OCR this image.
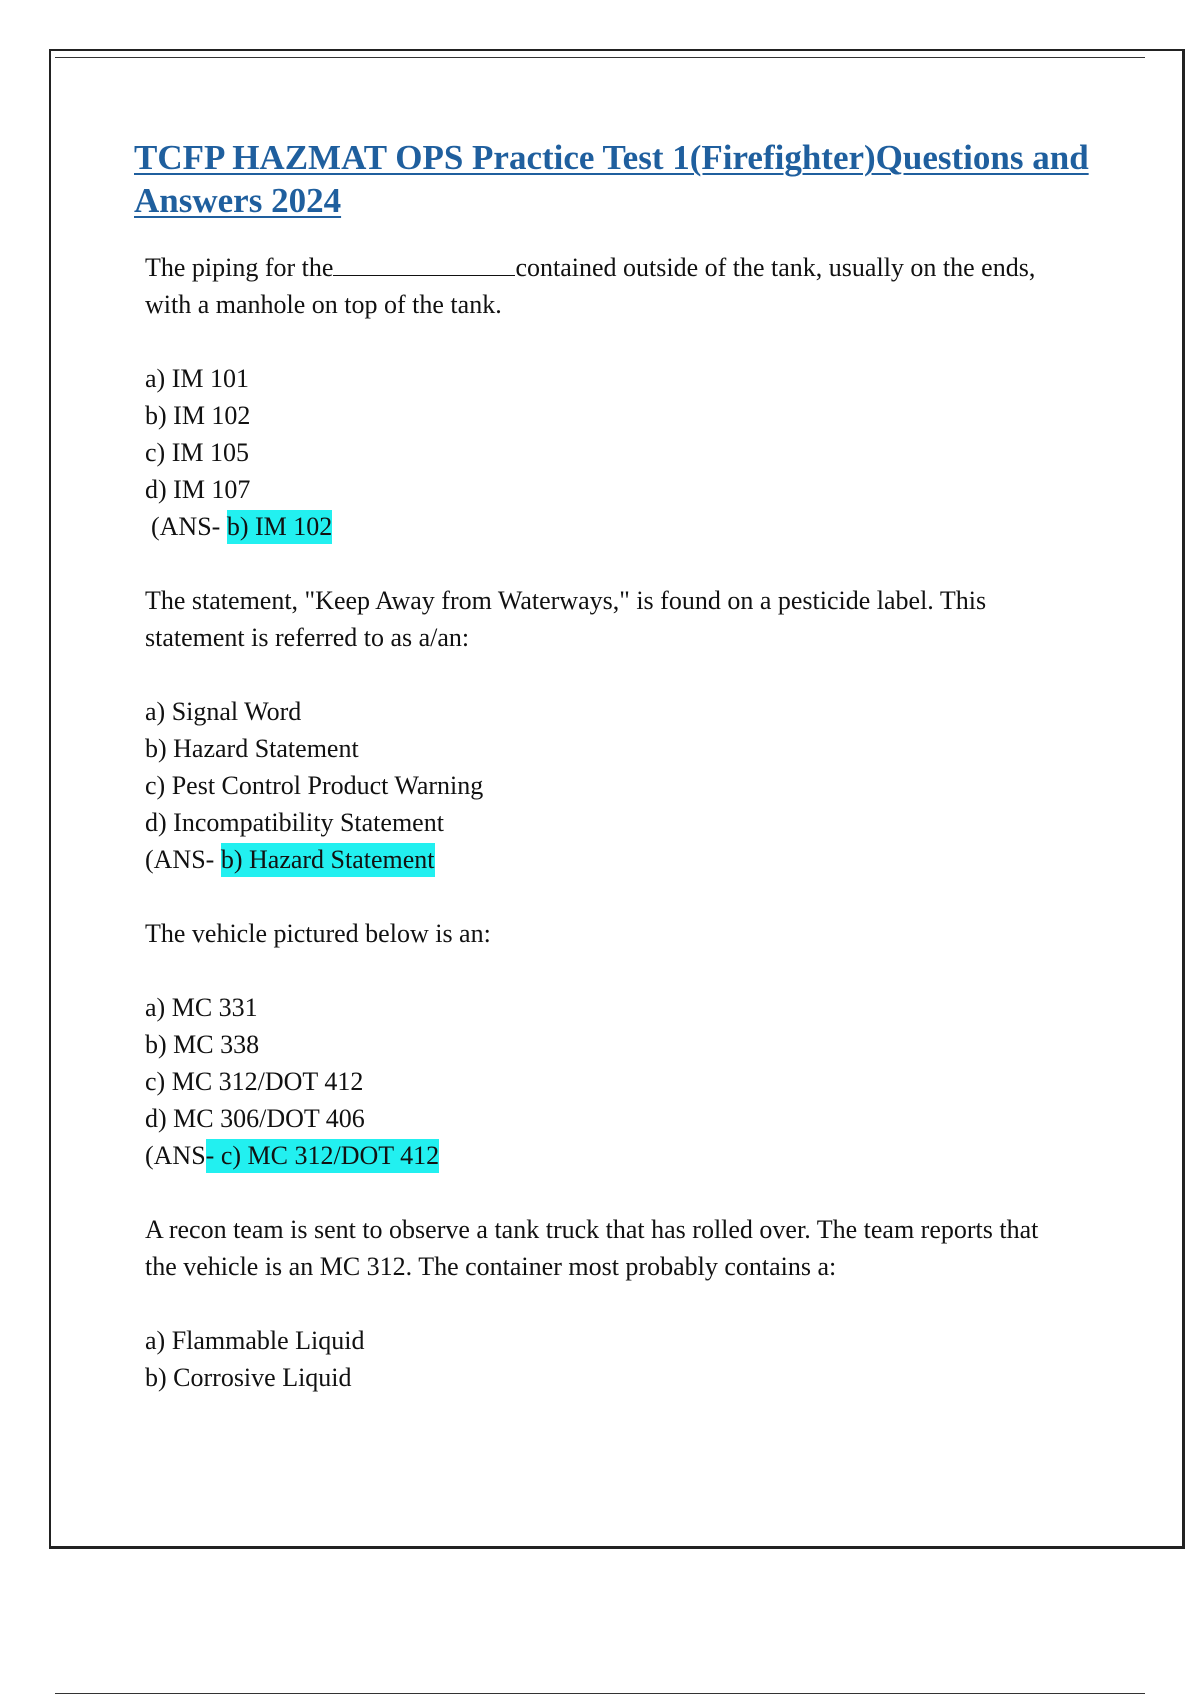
TCFP HAZMAT OPS Practice Test 1(Firefighter)Questions and Answers 2024

The piping for the	contained outside of the tank, usually on the ends, with a manhole on top of the tank.

a) IM 101
b) IM 102
c) IM 105
d) IM 107

(ANS- b) IM 102

The statement, "Keep Away from Waterways," is found on a pesticide label. This statement is referred to as a/an:

a) Signal Word
b) Hazard Statement
c) Pest Control Product Warning
d) Incompatibility Statement

(ANS- b) Hazard Statement

The vehicle pictured below is an:

a) MC 331
b) MC 338
c) MC 312/DOT 412
d) MC 306/DOT 406

(ANS- c) MC 312/DOT 412

A recon team is sent to observe a tank truck that has rolled over. The team reports that the vehicle is an MC 312. The container most probably contains a:

a) Flammable Liquid
b) Corrosive Liquid
